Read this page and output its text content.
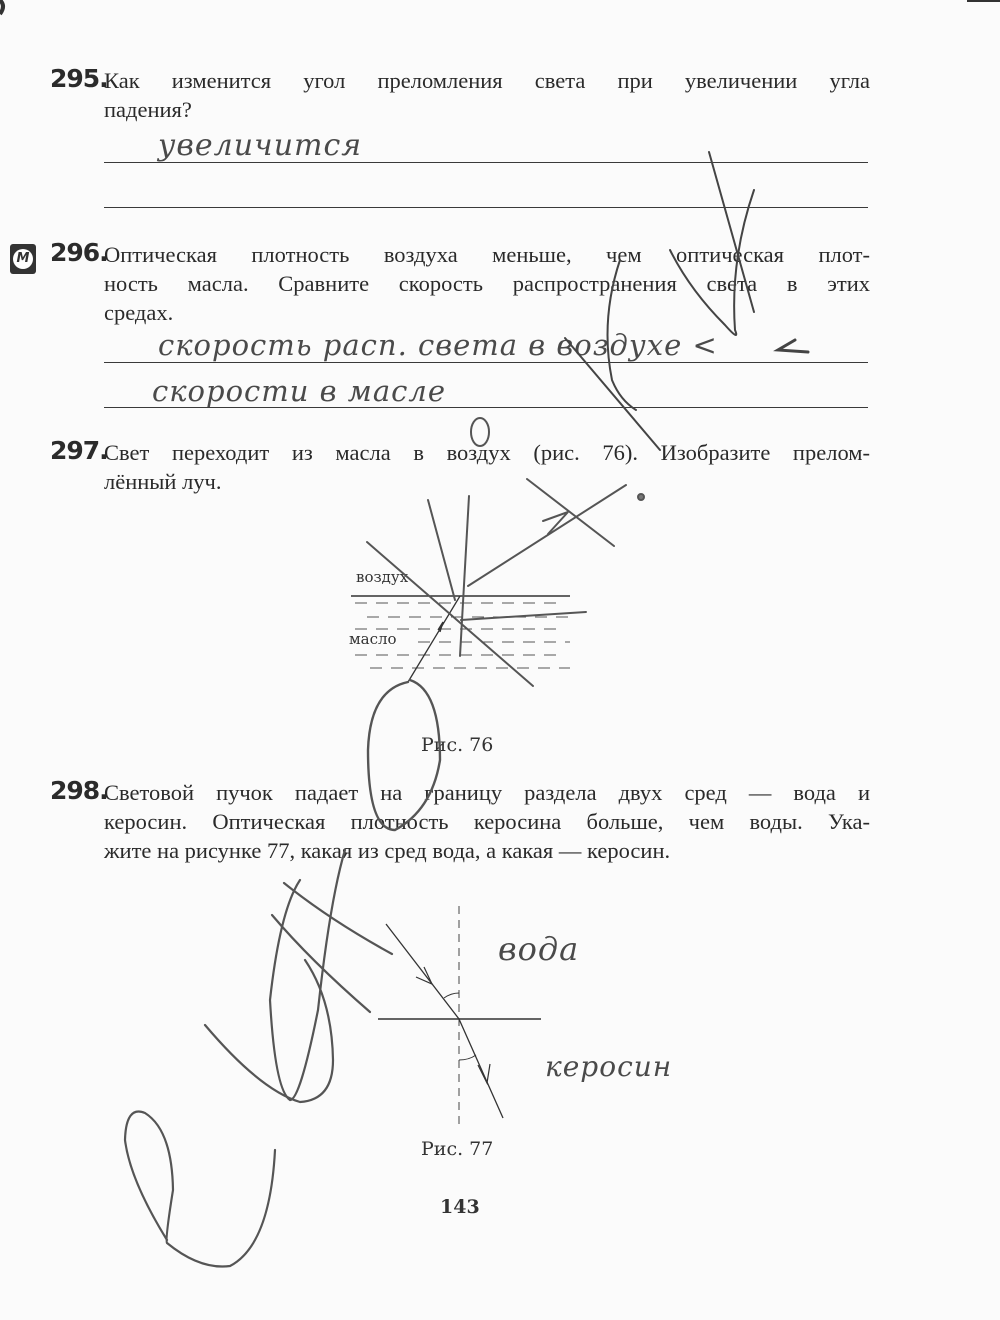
М
295.
Как изменится угол преломления света при увеличении угла
падения?
увеличится
296.
Оптическая плотность воздуха меньше, чем оптическая плот-
ность масла. Сравните скорость распространения света в этих
средах.
скорость расп. света в воздухе <
скорости в масле
297.
Свет переходит из масла в воздух (рис. 76). Изобразите прелом-
лённый луч.
воздух
масло
Рис. 76
298.
Световой пучок падает на границу раздела двух сред — вода и
керосин. Оптическая плотность керосина больше, чем воды. Ука-
жите на рисунке 77, какая из сред вода, а какая — керосин.
вода
керосин
Рис. 77
143
